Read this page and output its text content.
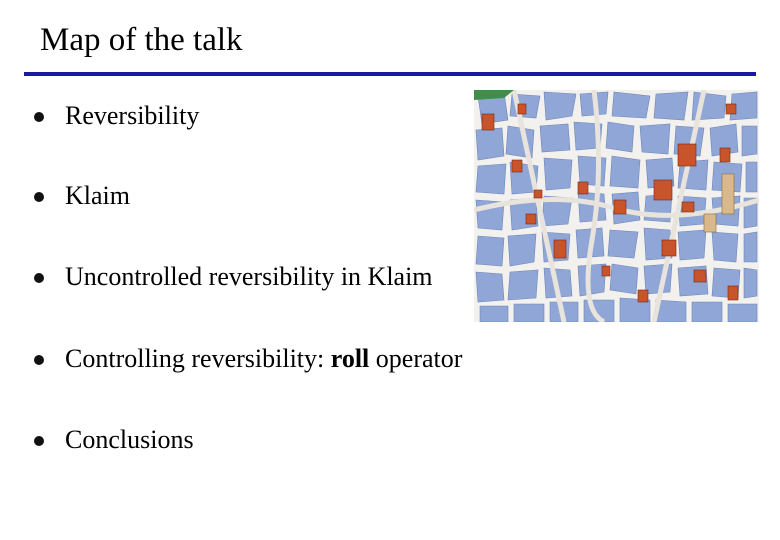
Map of the talk
Reversibility
Klaim
Uncontrolled reversibility in Klaim
Controlling reversibility: roll operator
Conclusions
